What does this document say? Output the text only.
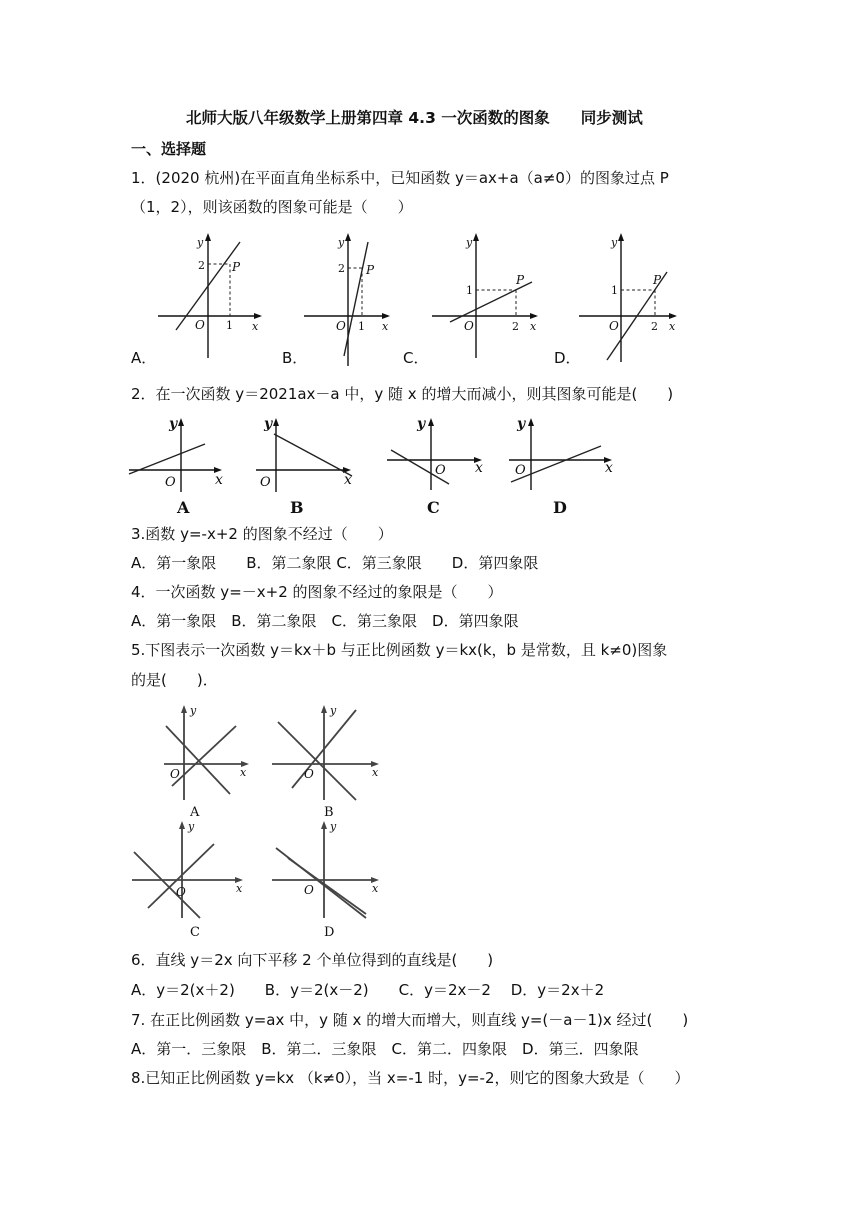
北师大版八年级数学上册第四章 4.3 一次函数的图象　　同步测试
一、选择题
1．(2020 杭州)在平面直角坐标系中，已知函数 y＝ax+a（a≠0）的图象过点 P
（1，2），则该函数的图象可能是（　　）
y
x
O
2
1
P
A．
y
x
O
2
1
P
B．
y
x
O
1
2
P
C．
y
x
O
1
2
P
D．
2．在一次函数 y＝2021ax－a 中，y 随 x 的增大而减小，则其图象可能是(　　)
y
x
O
A
y
x
O
B
y
x
O
C
y
x
O
D
3.函数 y=-x+2 的图象不经过（　　）
A．第一象限　　B．第二象限 C．第三象限　　D．第四象限
4．一次函数 y=－x+2 的图象不经过的象限是（　　）
A．第一象限　B．第二象限　C．第三象限　D．第四象限
5.下图表示一次函数 y＝kx＋b 与正比例函数 y＝kx(k，b 是常数，且 k≠0)图象
的是(　　)．
y
x
O
A
y
x
O
B
y
x
O
C
y
x
O
D
6．直线 y＝2x 向下平移 2 个单位得到的直线是(　　)
A．y＝2(x＋2)　　B．y＝2(x－2)　　C．y＝2x－2　 D．y＝2x＋2
7. 在正比例函数 y=ax 中，y 随 x 的增大而增大，则直线 y=(－a－1)x 经过(　　)
A．第一．三象限　B．第二．三象限　C．第二．四象限　D．第三．四象限
8.已知正比例函数 y=kx （k≠0），当 x=-1 时，y=-2，则它的图象大致是（　　）
